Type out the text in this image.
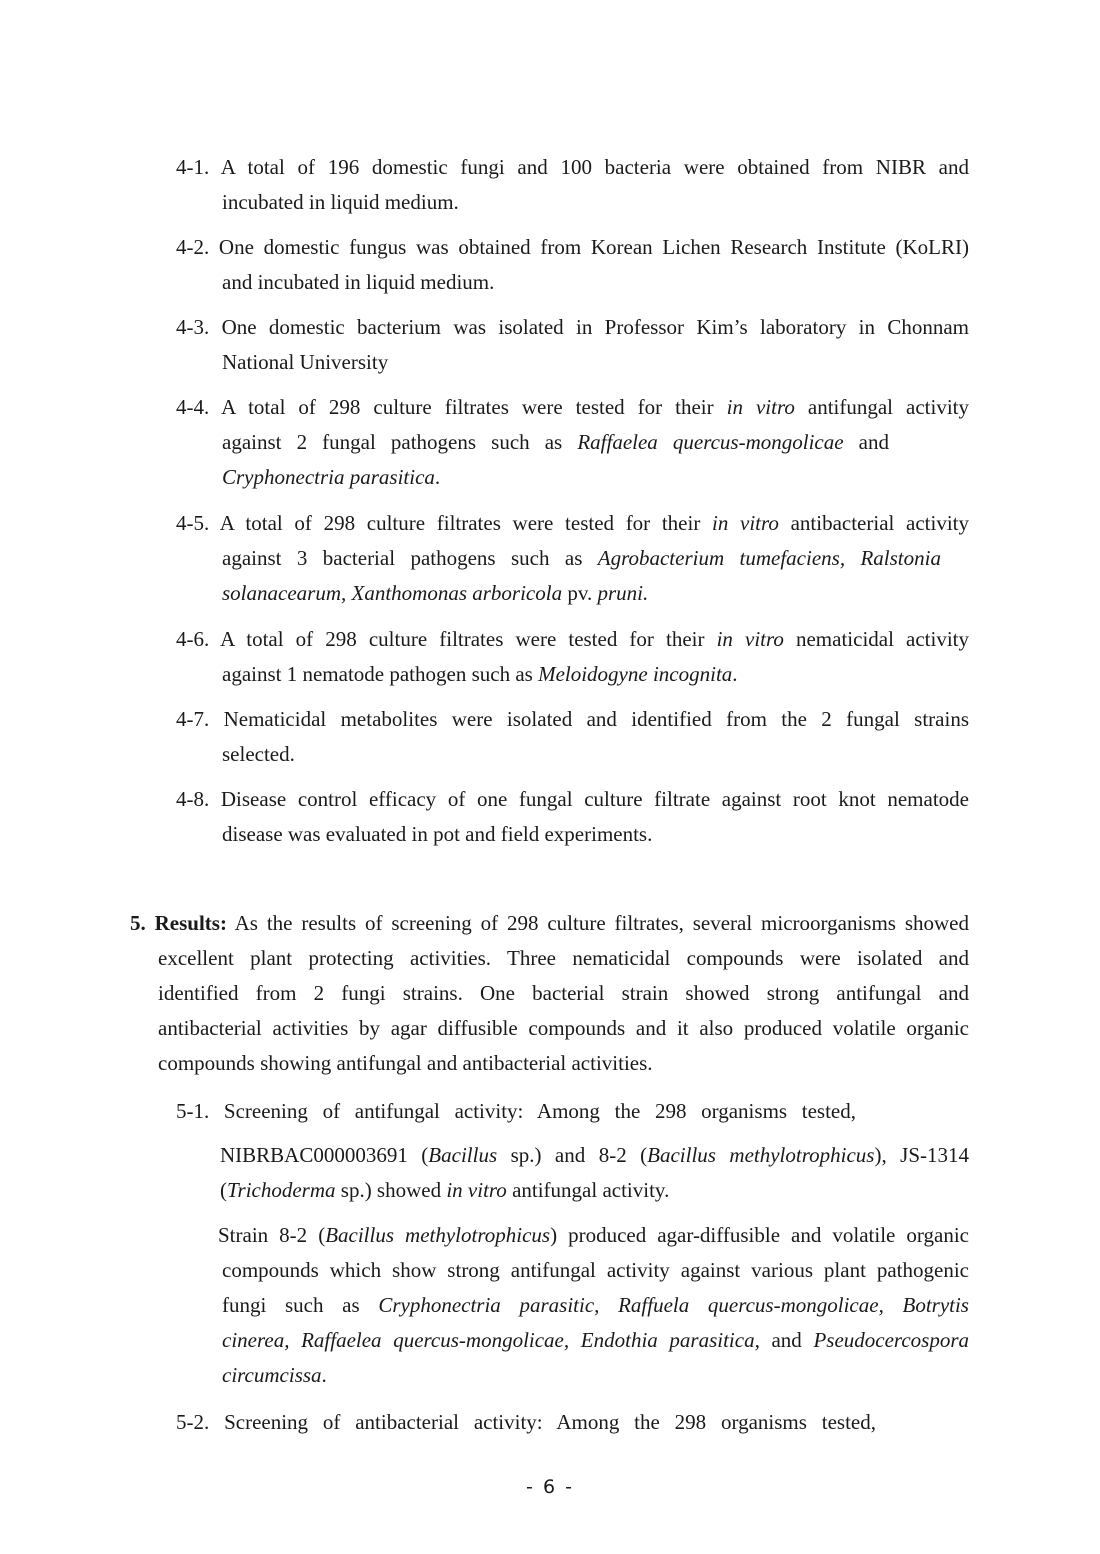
4-1. A total of 196 domestic fungi and 100 bacteria were obtained from NIBR and
incubated in liquid medium.
4-2. One domestic fungus was obtained from Korean Lichen Research Institute (KoLRI)
and incubated in liquid medium.
4-3. One domestic bacterium was isolated in Professor Kim’s laboratory in Chonnam
National University
4-4. A total of 298 culture filtrates were tested for their in vitro antifungal activity
against 2 fungal pathogens such as Raffaelea quercus-mongolicae and
Cryphonectria parasitica.
4-5. A total of 298 culture filtrates were tested for their in vitro antibacterial activity
against 3 bacterial pathogens such as Agrobacterium tumefaciens, Ralstonia
solanacearum, Xanthomonas arboricola pv. pruni.
4-6. A total of 298 culture filtrates were tested for their in vitro nematicidal activity
against 1 nematode pathogen such as Meloidogyne incognita.
4-7. Nematicidal metabolites were isolated and identified from the 2 fungal strains
selected.
4-8. Disease control efficacy of one fungal culture filtrate against root knot nematode
disease was evaluated in pot and field experiments.
5. Results: As the results of screening of 298 culture filtrates, several microorganisms showed
excellent plant protecting activities. Three nematicidal compounds were isolated and
identified from 2 fungi strains. One bacterial strain showed strong antifungal and
antibacterial activities by agar diffusible compounds and it also produced volatile organic
compounds showing antifungal and antibacterial activities.
5-1. Screening of antifungal activity: Among the 298 organisms tested,
NIBRBAC000003691 (Bacillus sp.) and 8-2 (Bacillus methylotrophicus), JS-1314
(Trichoderma sp.) showed in vitro antifungal activity.
Strain 8-2 (Bacillus methylotrophicus) produced agar-diffusible and volatile organic
compounds which show strong antifungal activity against various plant pathogenic
fungi such as Cryphonectria parasitic, Raffuela quercus-mongolicae, Botrytis
cinerea, Raffaelea quercus-mongolicae, Endothia parasitica, and Pseudocercospora
circumcissa.
5-2. Screening of antibacterial activity: Among the 298 organisms tested,
- 6 -
